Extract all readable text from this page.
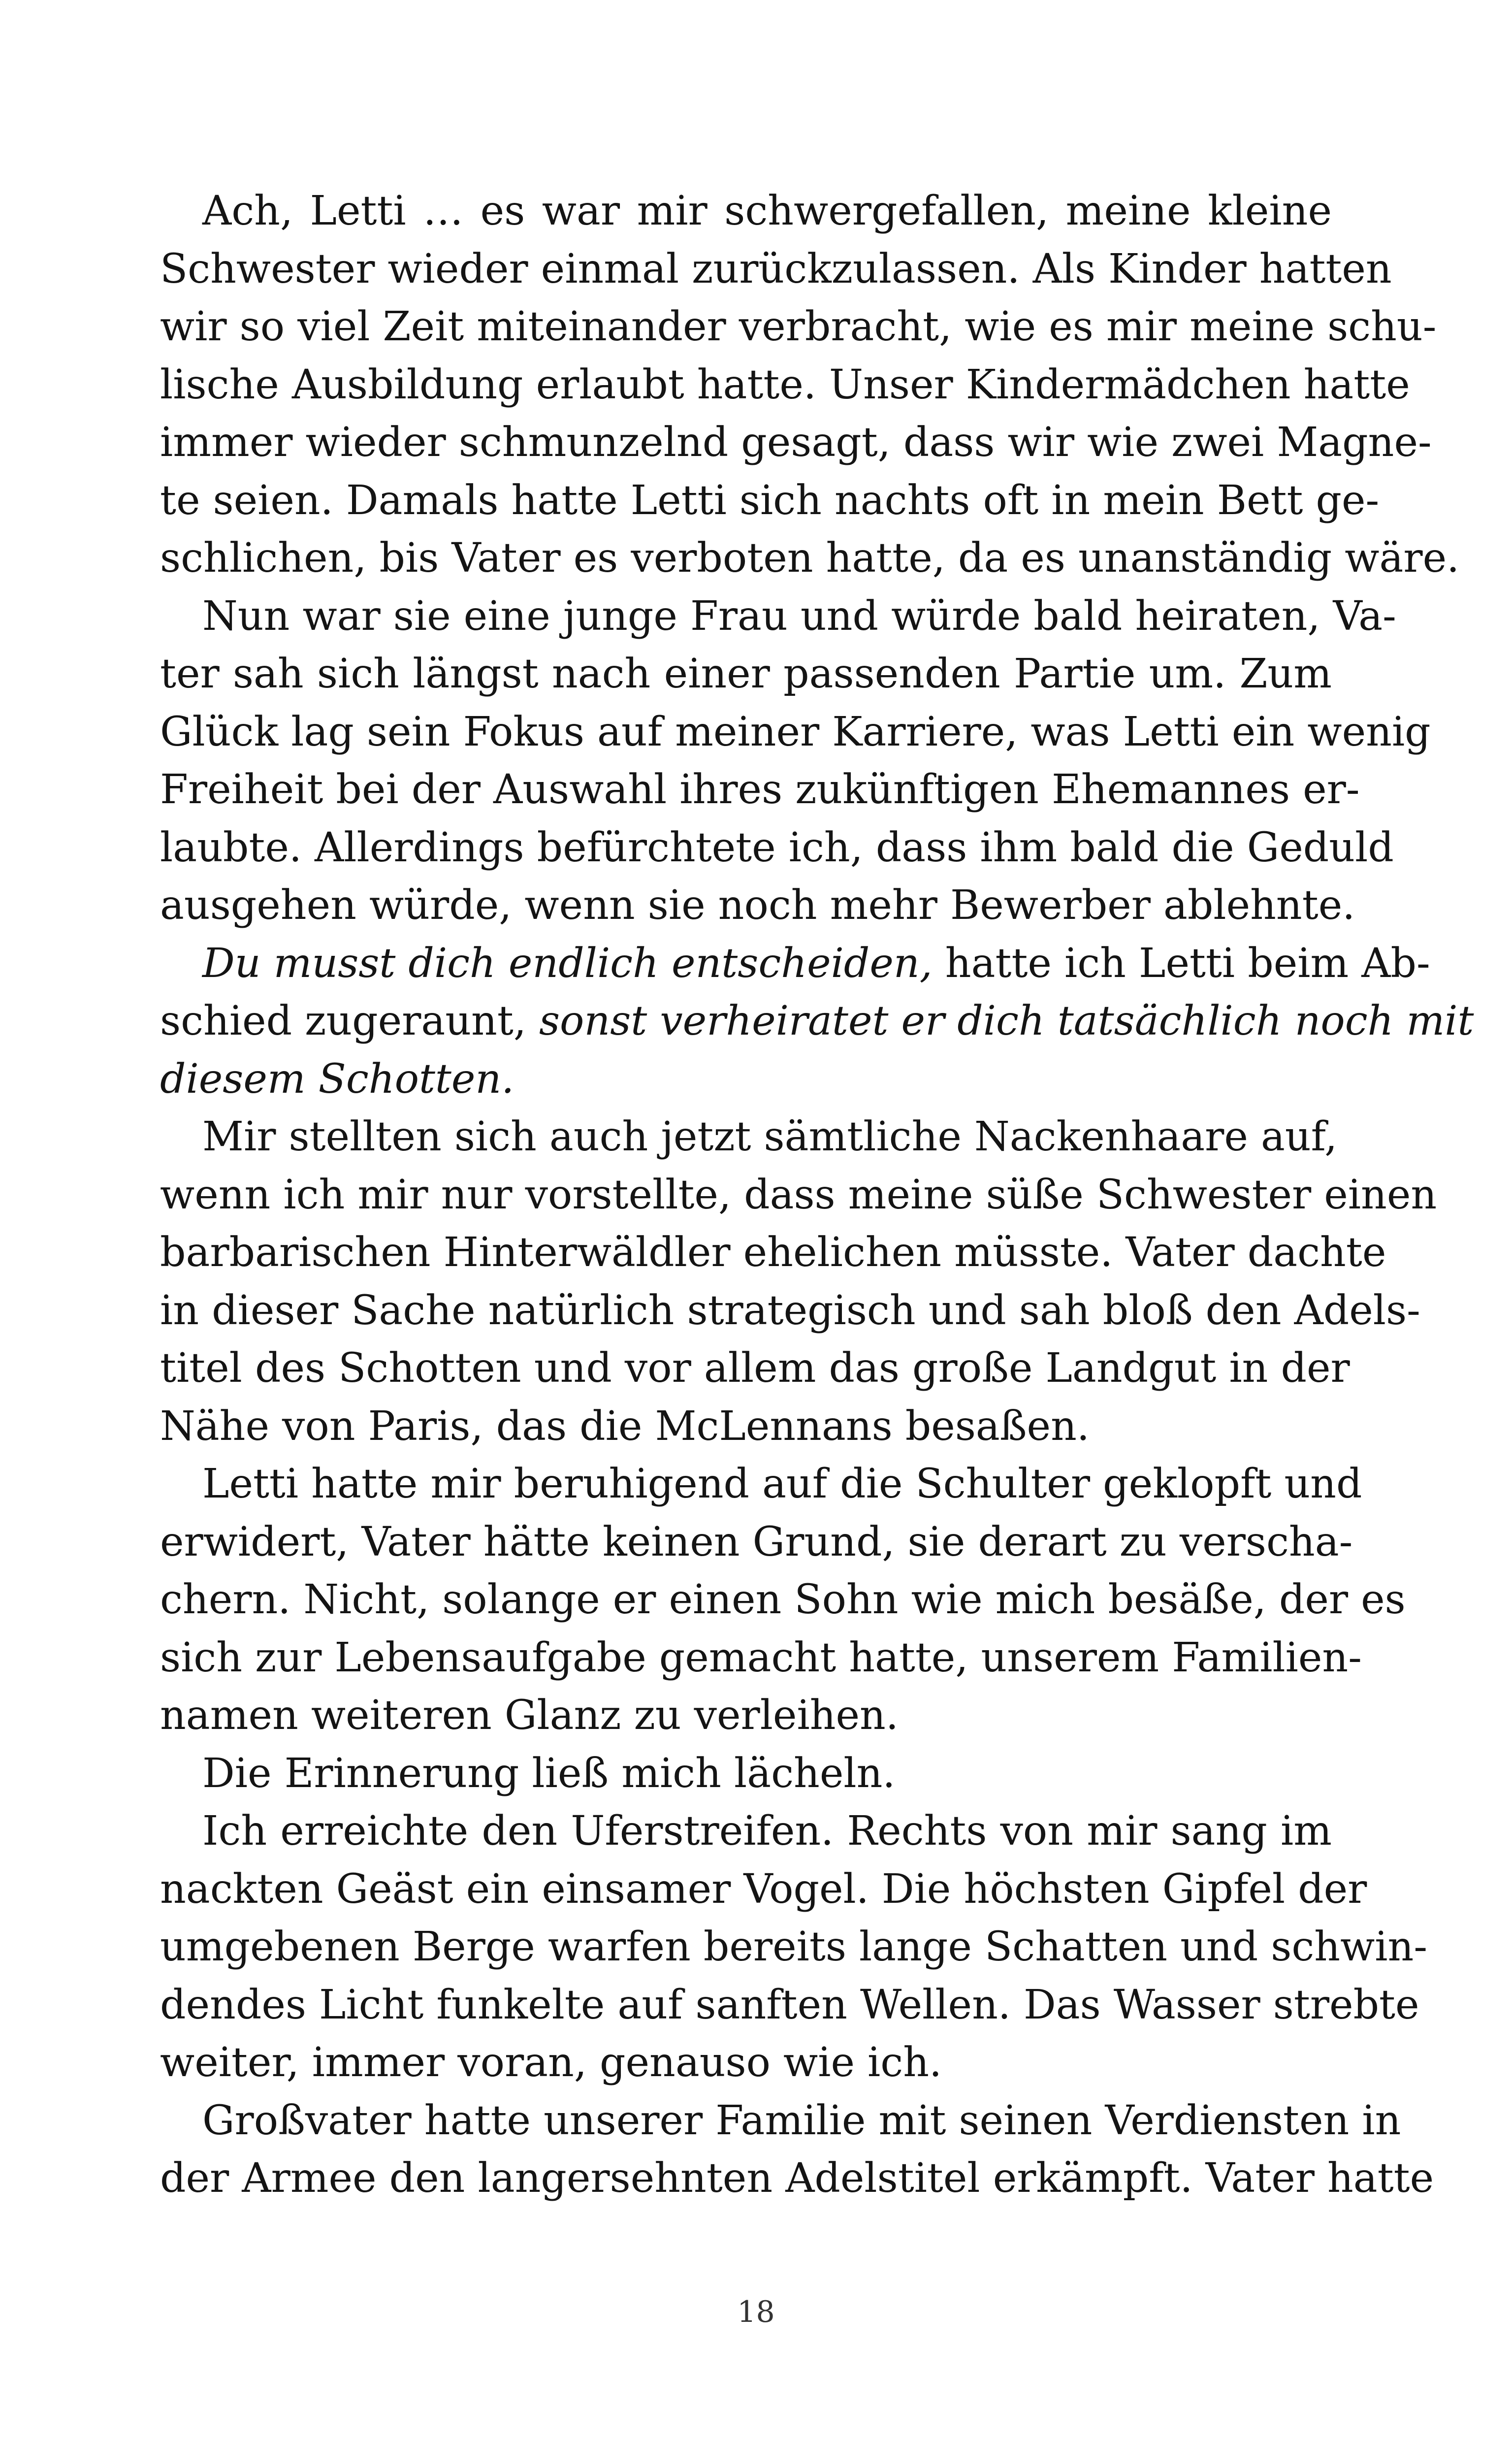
Ach, Letti … es war mir schwergefallen, meine kleine
Schwester wieder einmal zurückzulassen. Als Kinder hatten
wir so viel Zeit miteinander verbracht, wie es mir meine schu-
lische Ausbildung erlaubt hatte. Unser Kindermädchen hatte
immer wieder schmunzelnd gesagt, dass wir wie zwei Magne-
te seien. Damals hatte Letti sich nachts oft in mein Bett ge-
schlichen, bis Vater es verboten hatte, da es unanständig wäre.
Nun war sie eine junge Frau und würde bald heiraten, Va-
ter sah sich längst nach einer passenden Partie um. Zum
Glück lag sein Fokus auf meiner Karriere, was Letti ein wenig
Freiheit bei der Auswahl ihres zukünftigen Ehemannes er-
laubte. Allerdings befürchtete ich, dass ihm bald die Geduld
ausgehen würde, wenn sie noch mehr Bewerber ablehnte.
Du musst dich endlich entscheiden, hatte ich Letti beim Ab-
schied zugeraunt, sonst verheiratet er dich tatsächlich noch mit
diesem Schotten.
Mir stellten sich auch jetzt sämtliche Nackenhaare auf,
wenn ich mir nur vorstellte, dass meine süße Schwester einen
barbarischen Hinterwäldler ehelichen müsste. Vater dachte
in dieser Sache natürlich strategisch und sah bloß den Adels-
titel des Schotten und vor allem das große Landgut in der
Nähe von Paris, das die McLennans besaßen.
Letti hatte mir beruhigend auf die Schulter geklopft und
erwidert, Vater hätte keinen Grund, sie derart zu verscha-
chern. Nicht, solange er einen Sohn wie mich besäße, der es
sich zur Lebensaufgabe gemacht hatte, unserem Familien-
namen weiteren Glanz zu verleihen.
Die Erinnerung ließ mich lächeln.
Ich erreichte den Uferstreifen. Rechts von mir sang im
nackten Geäst ein einsamer Vogel. Die höchsten Gipfel der
umgebenen Berge warfen bereits lange Schatten und schwin-
dendes Licht funkelte auf sanften Wellen. Das Wasser strebte
weiter, immer voran, genauso wie ich.
Großvater hatte unserer Familie mit seinen Verdiensten in
der Armee den langersehnten Adelstitel erkämpft. Vater hatte
18
